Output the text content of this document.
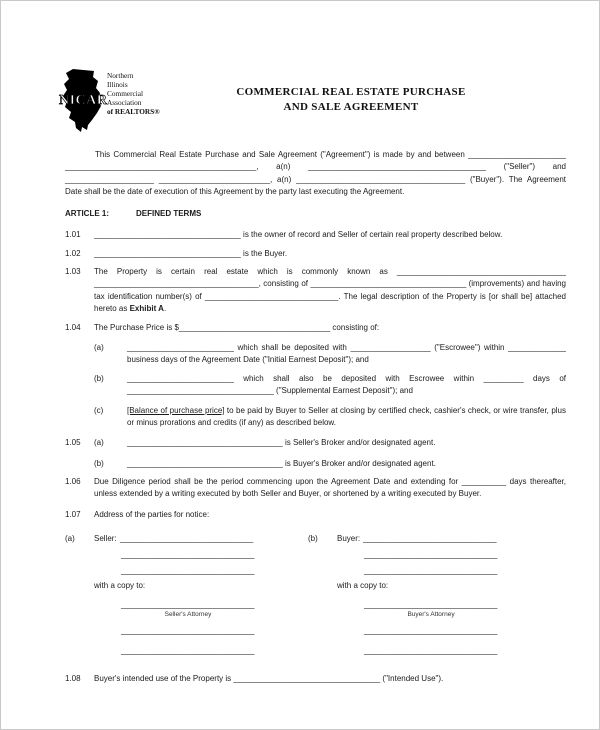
NICAR
Northern
Illinois
Commercial
Association
of REALTORS®
COMMERCIAL REAL ESTATE PURCHASE
AND SALE AGREEMENT

This Commercial Real Estate Purchase and Sale Agreement ("Agreement") is made by and between ______________________ ___________________________________________, a(n) ________________________________________ ("Seller") and ____________________ _________________________, a(n) ______________________________________ ("Buyer"). The Agreement Date shall be the date of execution of this Agreement by the party last executing the Agreement.

ARTICLE 1:	DEFINED TERMS
1.01	_________________________________ is the owner of record and Seller of certain real property described below.
1.02	_________________________________ is the Buyer.
1.03	The Property is certain real estate which is commonly known as ______________________________________ _____________________________________, consisting of ___________________________________ (improvements) and having tax identification number(s) of ______________________________. The legal description of the Property is [or shall be] attached hereto as Exhibit A.
1.04	The Purchase Price is $__________________________________ consisting of:
(a)	________________________ which shall be deposited with __________________ ("Escrowee") within _____________ business days of the Agreement Date ("Initial Earnest Deposit"); and
(b)	________________________ which shall also be deposited with Escrowee within _________ days of _________________________________ ("Supplemental Earnest Deposit"); and
(c)	[Balance of purchase price] to be paid by Buyer to Seller at closing by certified check, cashier's check, or wire transfer, plus or minus prorations and credits (if any) as described below.
1.05	(a)	___________________________________ is Seller's Broker and/or designated agent.
(b)	___________________________________ is Buyer's Broker and/or designated agent.
1.06	Due Diligence period shall be the period commencing upon the Agreement Date and extending for __________ days thereafter, unless extended by a writing executed by both Seller and Buyer, or shortened by a writing executed by Buyer.
1.07	Address of the parties for notice:
(a)	Seller: ______________________________
______________________________
______________________________
with a copy to:
______________________________
Seller's Attorney
______________________________
______________________________
(b)	Buyer: ______________________________
______________________________
______________________________
with a copy to:
______________________________
Buyer's Attorney
______________________________
______________________________
1.08	Buyer's intended use of the Property is _________________________________ ("Intended Use").
